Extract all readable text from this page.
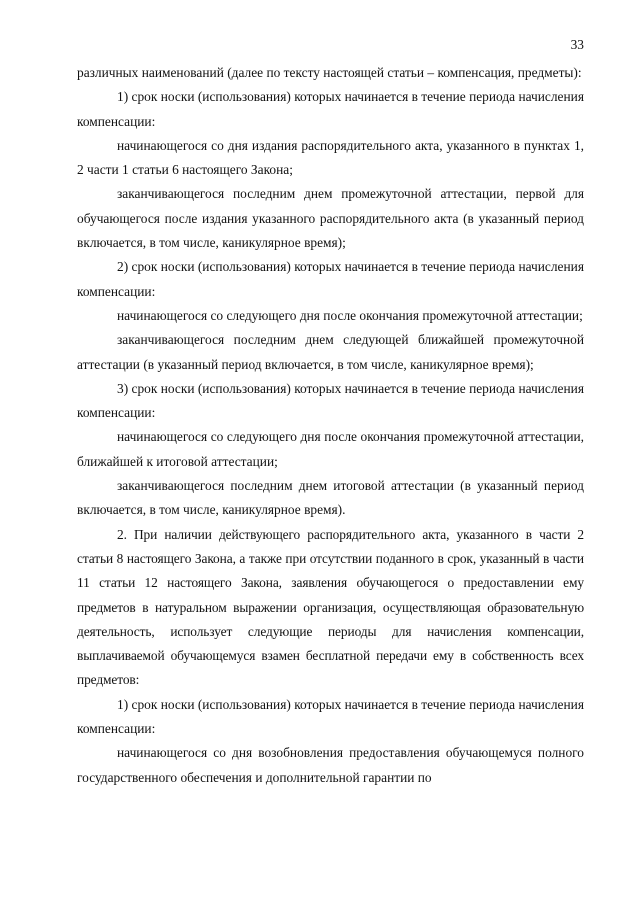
33

различных наименований (далее по тексту настоящей статьи – компенсация, предметы):

1) срок носки (использования) которых начинается в течение периода начисления компенсации:

начинающегося со дня издания распорядительного акта, указанного в пунктах 1, 2 части 1 статьи 6 настоящего Закона;

заканчивающегося последним днем промежуточной аттестации, первой для обучающегося после издания указанного распорядительного акта (в указанный период включается, в том числе, каникулярное время);

2) срок носки (использования) которых начинается в течение периода начисления компенсации:

начинающегося со следующего дня после окончания промежуточной аттестации;

заканчивающегося последним днем следующей ближайшей промежуточной аттестации (в указанный период включается, в том числе, каникулярное время);

3) срок носки (использования) которых начинается в течение периода начисления компенсации:

начинающегося со следующего дня после окончания промежуточной аттестации, ближайшей к итоговой аттестации;

заканчивающегося последним днем итоговой аттестации (в указанный период включается, в том числе, каникулярное время).

2. При наличии действующего распорядительного акта, указанного в части 2 статьи 8 настоящего Закона, а также при отсутствии поданного в срок, указанный в части 11 статьи 12 настоящего Закона, заявления обучающегося о предоставлении ему предметов в натуральном выражении организация, осуществляющая образовательную деятельность, использует следующие периоды для начисления компенсации, выплачиваемой обучающемуся взамен бесплатной передачи ему в собственность всех предметов:

1) срок носки (использования) которых начинается в течение периода начисления компенсации:

начинающегося со дня возобновления предоставления обучающемуся полного государственного обеспечения и дополнительной гарантии по
